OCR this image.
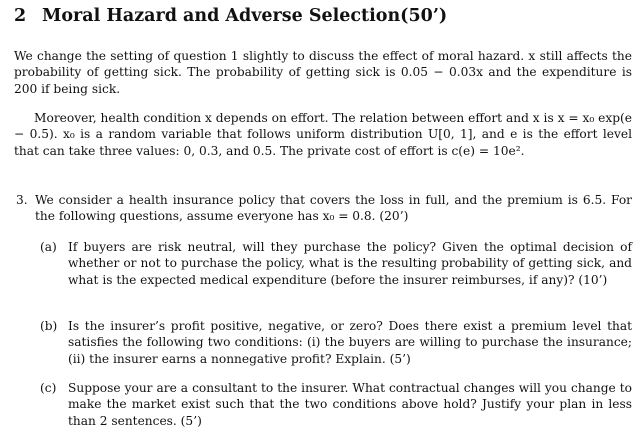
2 Moral Hazard and Adverse Selection(50’)
We change the setting of question 1 slightly to discuss the effect of moral hazard. x still affects the probability of getting sick. The probability of getting sick is 0.05 − 0.03x and the expenditure is 200 if being sick.
Moreover, health condition x depends on effort. The relation between effort and x is x = x₀ exp(e − 0.5). x₀ is a random variable that follows uniform distribution U[0, 1], and e is the effort level that can take three values: 0, 0.3, and 0.5. The private cost of effort is c(e) = 10e².
3. We consider a health insurance policy that covers the loss in full, and the premium is 6.5. For the following questions, assume everyone has x₀ = 0.8. (20’)
(a) If buyers are risk neutral, will they purchase the policy? Given the optimal decision of whether or not to purchase the policy, what is the resulting probability of getting sick, and what is the expected medical expenditure (before the insurer reimburses, if any)? (10’)
(b) Is the insurer’s profit positive, negative, or zero? Does there exist a premium level that satisfies the following two conditions: (i) the buyers are willing to purchase the insurance; (ii) the insurer earns a nonnegative profit? Explain. (5’)
(c) Suppose your are a consultant to the insurer. What contractual changes will you change to make the market exist such that the two conditions above hold? Justify your plan in less than 2 sentences. (5’)
